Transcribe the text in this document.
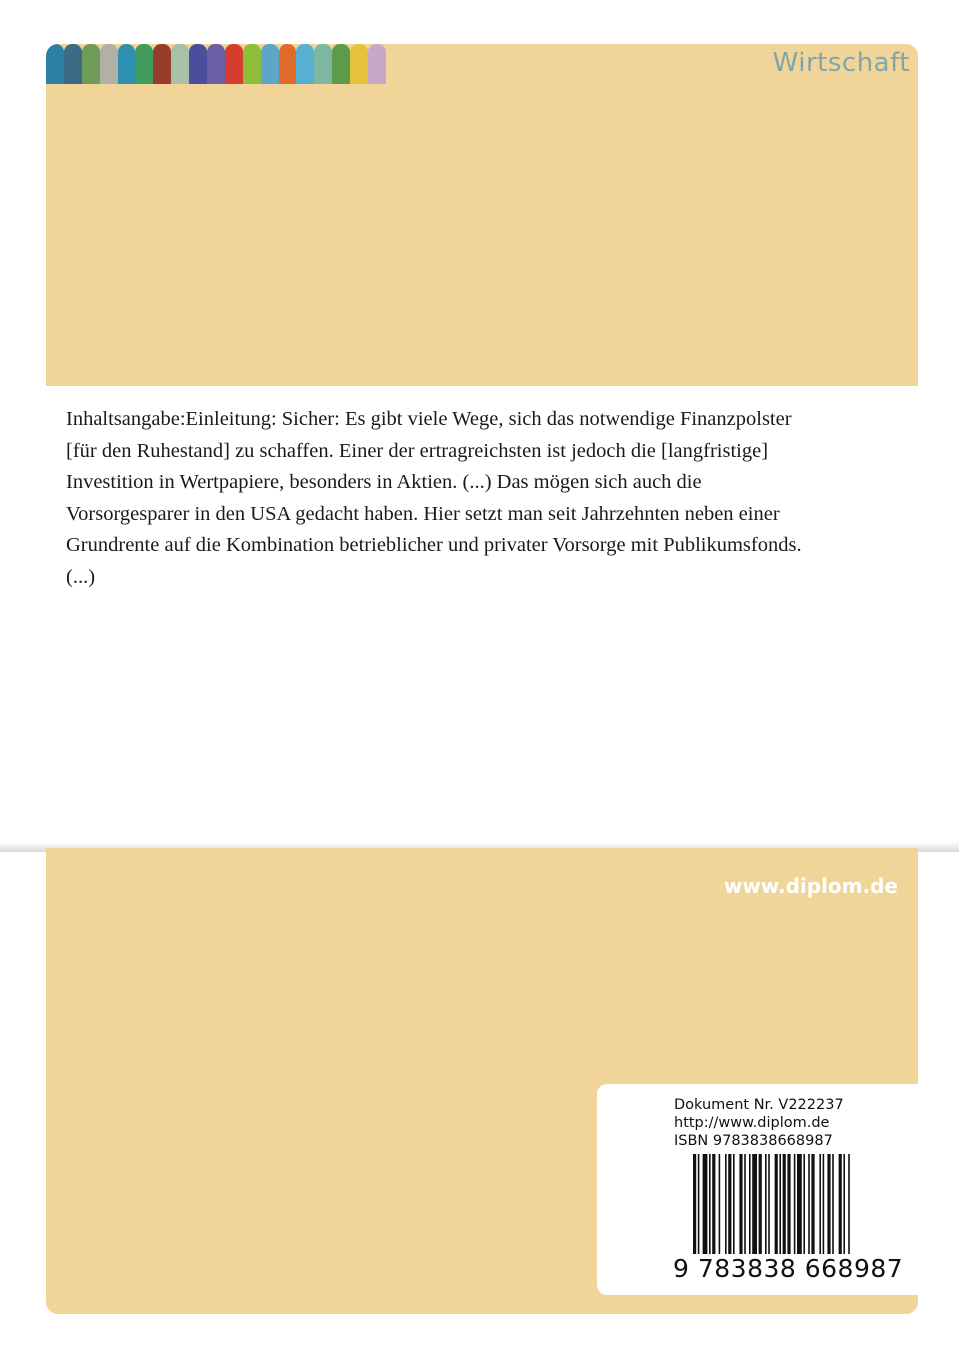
Wirtschaft

Inhaltsangabe:Einleitung: Sicher: Es gibt viele Wege, sich das notwendige Finanzpolster

[für den Ruhestand] zu schaffen. Einer der ertragreichsten ist jedoch die [langfristige]

Investition in Wertpapiere, besonders in Aktien. (...) Das mögen sich auch die

Vorsorgesparer in den USA gedacht haben. Hier setzt man seit Jahrzehnten neben einer

Grundrente auf die Kombination betrieblicher und privater Vorsorge mit Publikumsfonds.

(...)

www.diplom.de
Dokument Nr. V222237
http://www.diplom.de
ISBN 9783838668987
9 783838 668987
